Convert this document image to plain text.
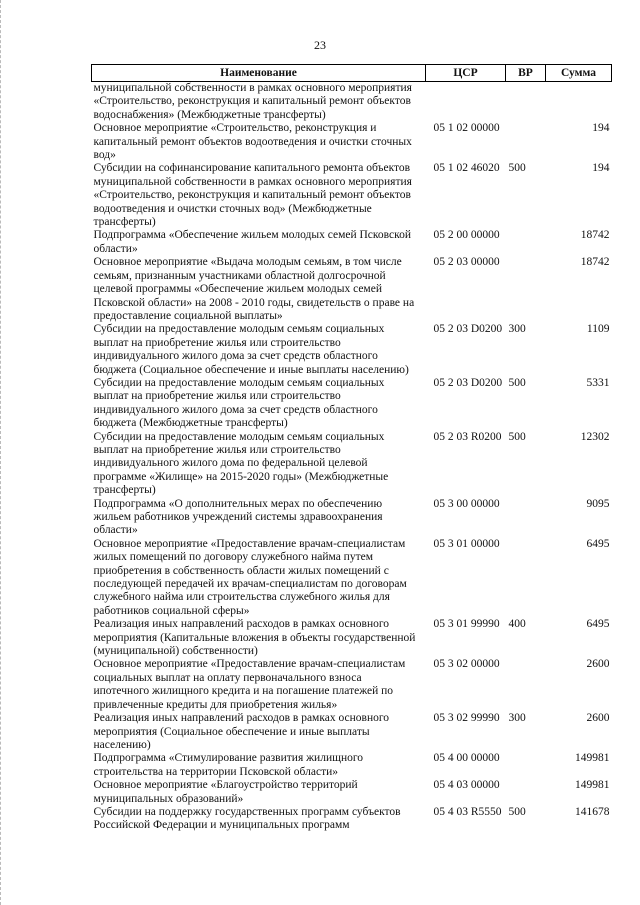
23
Наименование	ЦСР	ВР	Сумма
муниципальной собственности в рамках основного мероприятия «Строительство, реконструкция и капитальный ремонт объектов водоснабжения» (Межбюджетные трансферты)			
Основное мероприятие «Строительство, реконструкция и капитальный ремонт объектов водоотведения и очистки сточных вод»	05 1 02 00000		194
Субсидии на софинансирование капитального ремонта объектов муниципальной собственности в рамках основного мероприятия «Строительство, реконструкция и капитальный ремонт объектов водоотведения и очистки сточных вод» (Межбюджетные трансферты)	05 1 02 46020	500	194
Подпрограмма «Обеспечение жильем молодых семей Псковской области»	05 2 00 00000		18742
Основное мероприятие «Выдача молодым семьям, в том числе семьям, признанным участниками областной долгосрочной целевой программы «Обеспечение жильем молодых семей Псковской области» на 2008 - 2010 годы, свидетельств о праве на предоставление социальной выплаты»	05 2 03 00000		18742
Субсидии на предоставление молодым семьям социальных выплат на приобретение жилья или строительство индивидуального жилого дома за счет средств областного бюджета (Социальное обеспечение и иные выплаты населению)	05 2 03 D0200	300	1109
Субсидии на предоставление молодым семьям социальных выплат на приобретение жилья или строительство индивидуального жилого дома за счет средств областного бюджета (Межбюджетные трансферты)	05 2 03 D0200	500	5331
Субсидии на предоставление молодым семьям социальных выплат на приобретение жилья или строительство индивидуального жилого дома по федеральной целевой программе «Жилище» на 2015-2020 годы» (Межбюджетные трансферты)	05 2 03 R0200	500	12302
Подпрограмма «О дополнительных мерах по обеспечению жильем работников учреждений системы здравоохранения области»	05 3 00 00000		9095
Основное мероприятие «Предоставление врачам-специалистам жилых помещений по договору служебного найма путем приобретения в собственность области жилых помещений с последующей передачей их врачам-специалистам по договорам служебного найма или строительства служебного жилья для работников социальной сферы»	05 3 01 00000		6495
Реализация иных направлений расходов в рамках основного мероприятия (Капитальные вложения в объекты государственной (муниципальной) собственности)	05 3 01 99990	400	6495
Основное мероприятие «Предоставление врачам-специалистам социальных выплат на оплату первоначального взноса ипотечного жилищного кредита и на погашение платежей по привлеченные кредиты для приобретения жилья»	05 3 02 00000		2600
Реализация иных направлений расходов в рамках основного мероприятия (Социальное обеспечение и иные выплаты населению)	05 3 02 99990	300	2600
Подпрограмма «Стимулирование развития жилищного строительства на территории Псковской области»	05 4 00 00000		149981
Основное мероприятие «Благоустройство территорий муниципальных образований»	05 4 03 00000		149981
Субсидии на поддержку государственных программ субъектов Российской Федерации и муниципальных программ	05 4 03 R5550	500	141678
